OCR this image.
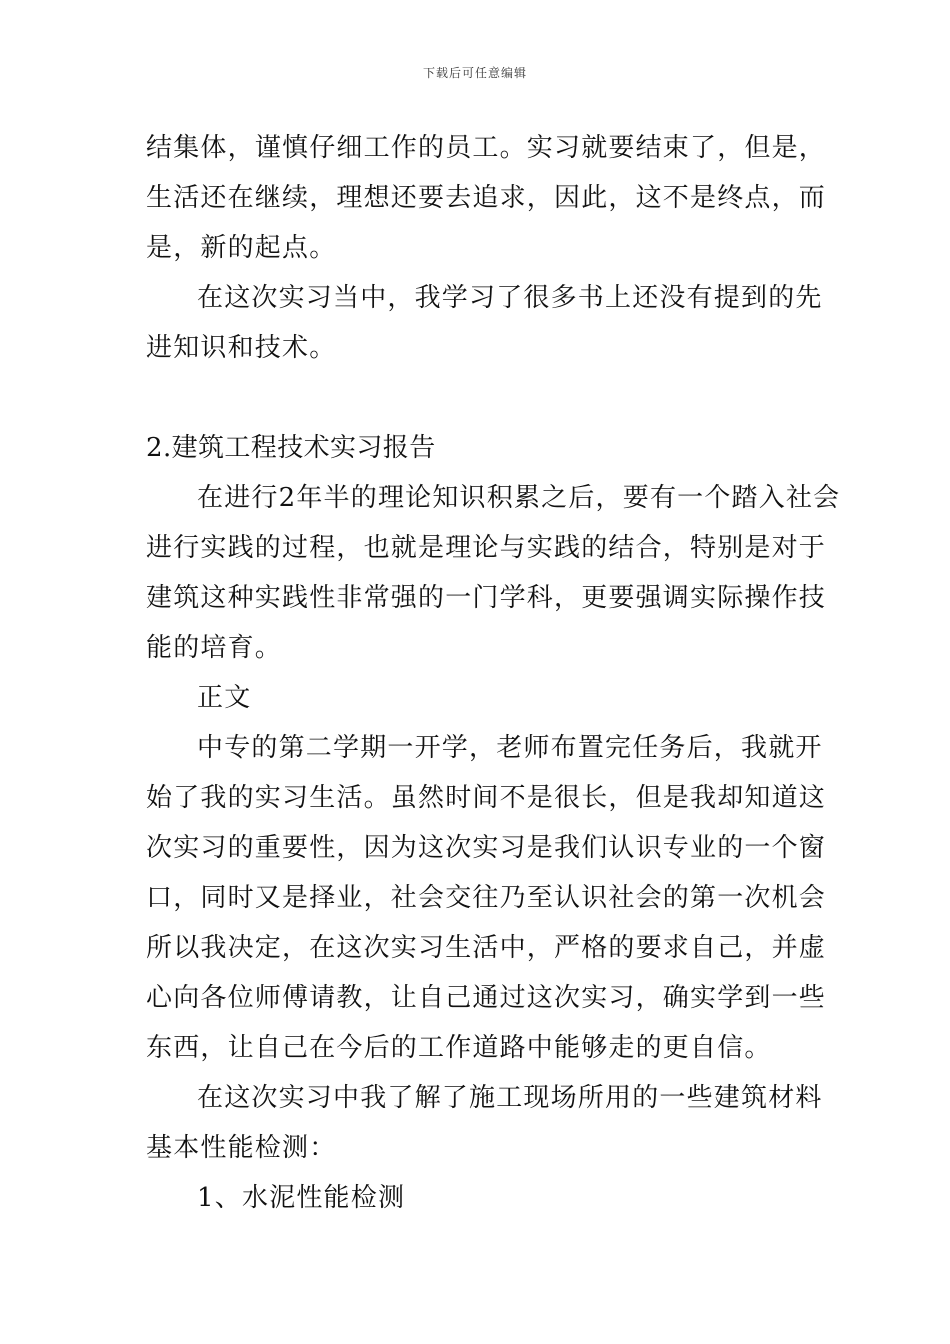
下载后可任意编辑
结集体，谨慎仔细工作的员工。实习就要结束了，但是，
生活还在继续，理想还要去追求，因此，这不是终点，而
是，新的起点。
在这次实习当中，我学习了很多书上还没有提到的先
进知识和技术。
2.建筑工程技术实习报告
在进行2年半的理论知识积累之后，要有一个踏入社会
进行实践的过程，也就是理论与实践的结合，特别是对于
建筑这种实践性非常强的一门学科，更要强调实际操作技
能的培育。
正文
中专的第二学期一开学，老师布置完任务后，我就开
始了我的实习生活。虽然时间不是很长，但是我却知道这
次实习的重要性，因为这次实习是我们认识专业的一个窗
口，同时又是择业，社会交往乃至认识社会的第一次机会
所以我决定，在这次实习生活中，严格的要求自己，并虚
心向各位师傅请教，让自己通过这次实习，确实学到一些
东西，让自己在今后的工作道路中能够走的更自信。
在这次实习中我了解了施工现场所用的一些建筑材料
基本性能检测：
1、水泥性能检测
